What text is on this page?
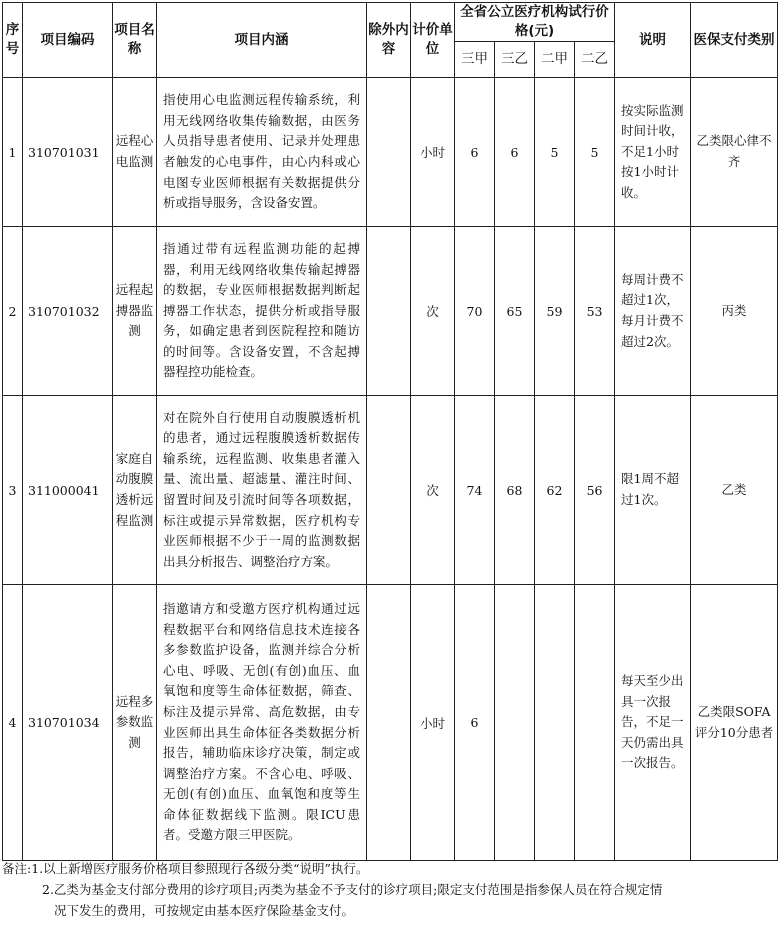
序号	项目编码	项目名称	项目内涵	除外内容	计价单位	全省公立医疗机构试行价格(元)				说明	医保支付类别
						三甲	三乙	二甲	二乙		
1	310701031	远程心电监测	指使用心电监测远程传输系统，利用无线网络收集传输数据，由医务人员指导患者使用、记录并处理患者触发的心电事件，由心内科或心电图专业医师根据有关数据提供分析或指导服务，含设备安置。		小时	6	6	5	5	按实际监测时间计收，不足1小时按1小时计收。	乙类限心律不齐
2	310701032	远程起搏器监测	指通过带有远程监测功能的起搏器，利用无线网络收集传输起搏器的数据，专业医师根据数据判断起搏器工作状态，提供分析或指导服务，如确定患者到医院程控和随访的时间等。含设备安置，不含起搏器程控功能检查。		次	70	65	59	53	每周计费不超过1次，每月计费不超过2次。	丙类
3	311000041	家庭自动腹膜透析远程监测	对在院外自行使用自动腹膜透析机的患者，通过远程腹膜透析数据传输系统，远程监测、收集患者灌入量、流出量、超滤量、灌注时间、留置时间及引流时间等各项数据，标注或提示异常数据，医疗机构专业医师根据不少于一周的监测数据出具分析报告、调整治疗方案。		次	74	68	62	56	限1周不超过1次。	乙类
4	310701034	远程多参数监测	指邀请方和受邀方医疗机构通过远程数据平台和网络信息技术连接各多参数监护设备，监测并综合分析心电、呼吸、无创(有创)血压、血氧饱和度等生命体征数据，筛查、标注及提示异常、高危数据，由专业医师出具生命体征各类数据分析报告，辅助临床诊疗决策，制定或调整治疗方案。不含心电、呼吸、无创(有创)血压、血氧饱和度等生命体征数据线下监测。限ICU患者。受邀方限三甲医院。		小时	6				每天至少出具一次报告，不足一天仍需出具一次报告。	乙类限SOFA评分10分患者
备注:1.以上新增医疗服务价格项目参照现行各级分类“说明”执行。
2.乙类为基金支付部分费用的诊疗项目;丙类为基金不予支付的诊疗项目;限定支付范围是指参保人员在符合规定情
况下发生的费用，可按规定由基本医疗保险基金支付。
